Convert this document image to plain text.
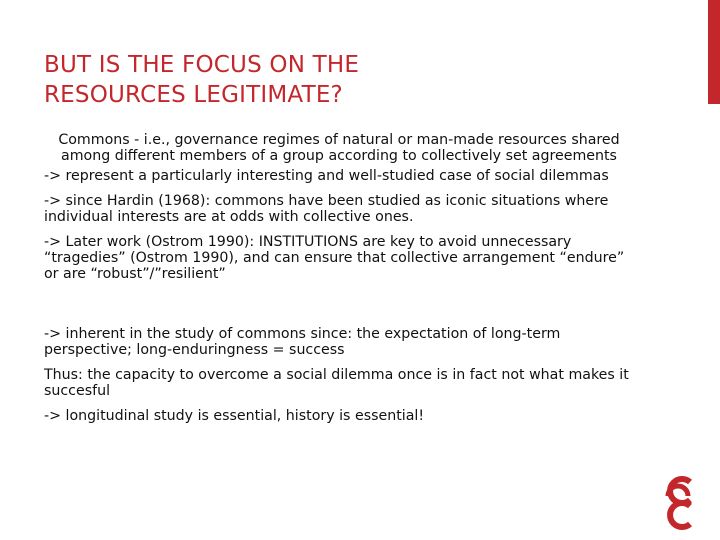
BUT IS THE FOCUS ON THE
RESOURCES LEGITIMATE?

Commons - i.e., governance regimes of natural or man-made resources shared among different members of a group according to collectively set agreements

-> represent a particularly interesting and well-studied case of social dilemmas

-> since Hardin (1968): commons have been studied as iconic situations where individual interests are at odds with collective ones.

-> Later work (Ostrom 1990): INSTITUTIONS are key to avoid unnecessary “tragedies” (Ostrom 1990), and can ensure that collective arrangement “endure” or are “robust”/”resilient”

-> inherent in the study of commons since: the expectation of long-term perspective; long-enduringness = success

Thus: the capacity to overcome a social dilemma once is in fact not what makes it succesful

-> longitudinal study is essential, history is essential!
